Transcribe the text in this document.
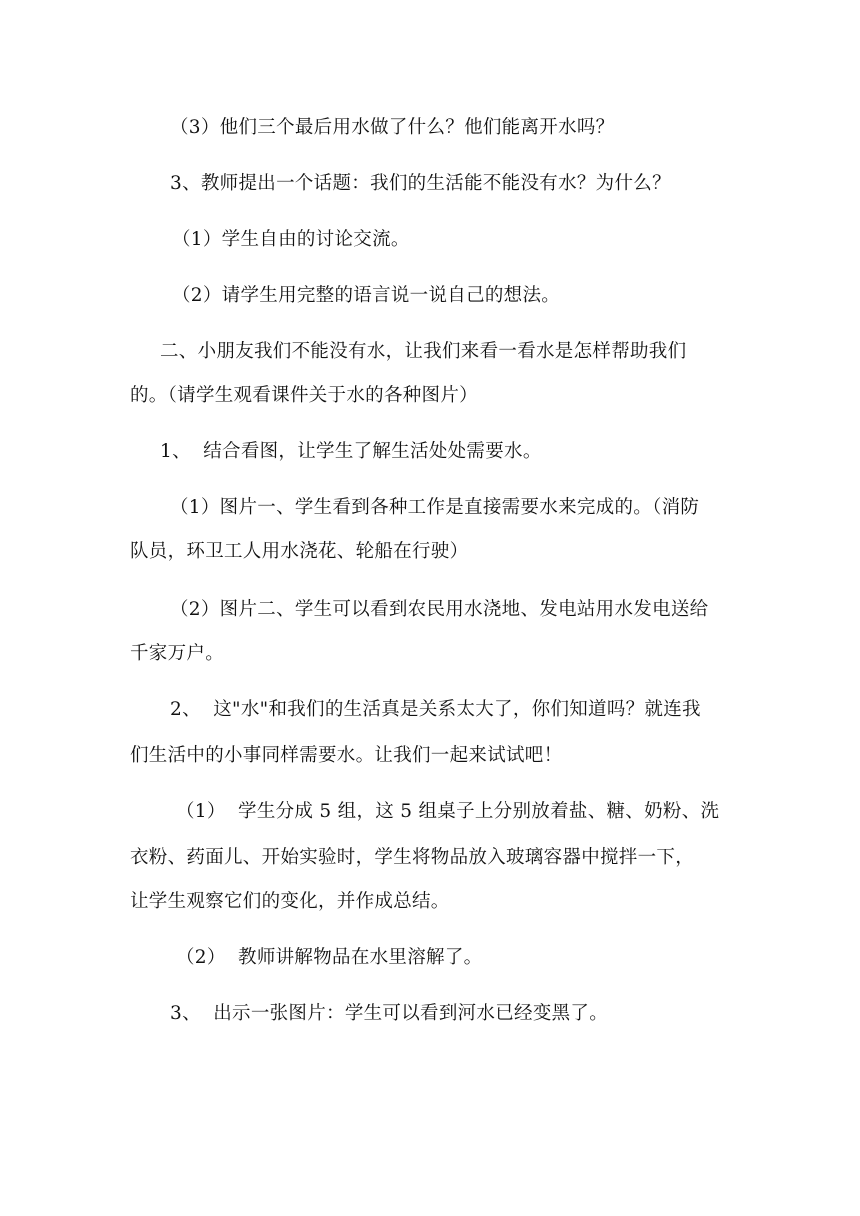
（3）他们三个最后用水做了什么？他们能离开水吗？
3、教师提出一个话题：我们的生活能不能没有水？为什么？
（1）学生自由的讨论交流。
（2）请学生用完整的语言说一说自己的想法。
二、小朋友我们不能没有水，让我们来看一看水是怎样帮助我们
的。（请学生观看课件关于水的各种图片）
1、  结合看图，让学生了解生活处处需要水。
（1）图片一、学生看到各种工作是直接需要水来完成的。（消防
队员，环卫工人用水浇花、轮船在行驶）
（2）图片二、学生可以看到农民用水浇地、发电站用水发电送给
千家万户。
2、  这"水"和我们的生活真是关系太大了，你们知道吗？就连我
们生活中的小事同样需要水。让我们一起来试试吧！
（1）  学生分成 5 组，这 5 组桌子上分别放着盐、糖、奶粉、洗
衣粉、药面儿、开始实验时，学生将物品放入玻璃容器中搅拌一下，
让学生观察它们的变化，并作成总结。
（2）  教师讲解物品在水里溶解了。
3、  出示一张图片：学生可以看到河水已经变黑了。
